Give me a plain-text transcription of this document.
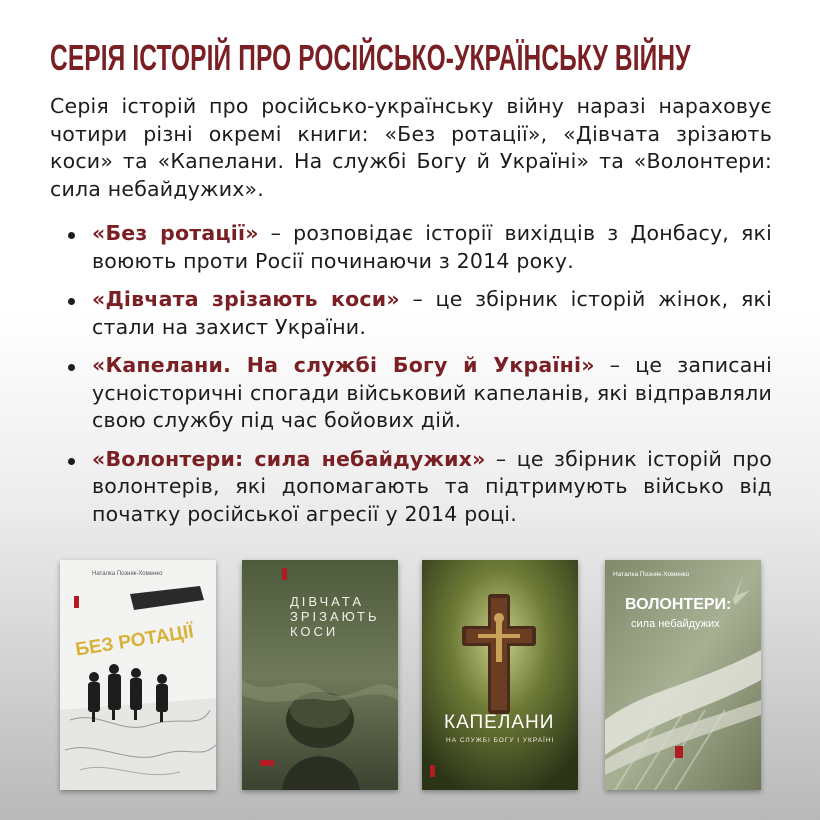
СЕРІЯ ІСТОРІЙ ПРО РОСІЙСЬКО-УКРАЇНСЬКУ ВІЙНУ

Серія історій про російсько-українську війну наразі нараховує чотири різні окремі книги: «Без ротації», «Дівчата зрізають коси» та «Капелани. На службі Богу й Україні» та «Волонтери: сила небайдужих».

«Без ротації» – розповідає історії вихідців з Донбасу, які воюють проти Росії починаючи з 2014 року.
«Дівчата зрізають коси» – це збірник історій жінок, які стали на захист України.
«Капелани. На службі Богу й Україні» – це записані усноісторичні спогади військовий капеланів, які відправляли свою службу під час бойових дій.
«Волонтери: сила небайдужих» – це збірник історій про волонтерів, які допомагають та підтримують військо від початку російської агресії у 2014 році.
Наталка Позняк-Хоменко
БЕЗ РОТАЦІЇ
ДІВЧАТА
ЗРІЗАЮТЬ
КОСИ
КАПЕЛАНИ
НА СЛУЖБІ БОГУ І УКРАЇНІ
Наталка Позняк-Хоменко
ВОЛОНТЕРИ:
сила небайдужих
